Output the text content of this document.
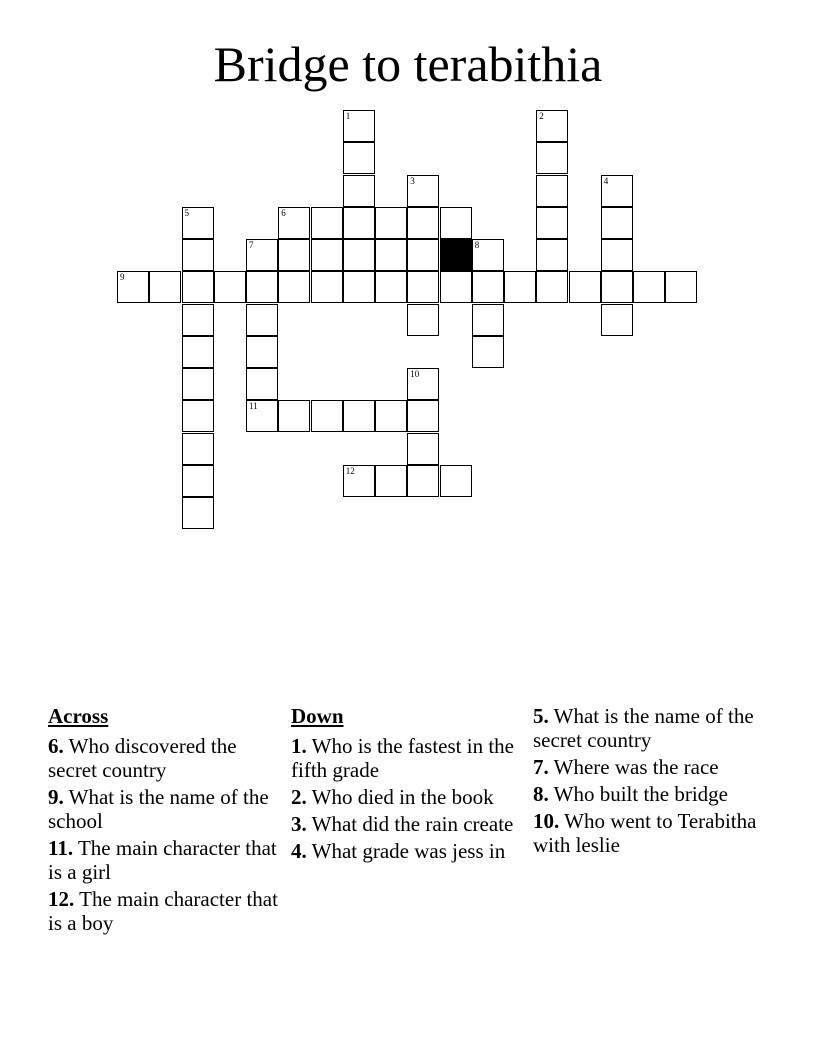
Bridge to terabithia
1	2
3	4
5	6
7	8
9
10
11
12
Across
6. Who discovered the secret country
9. What is the name of the school
11. The main character that is a girl
12. The main character that is a boy
Down
1. Who is the fastest in the fifth grade
2. Who died in the book
3. What did the rain create
4. What grade was jess in
5. What is the name of the secret country
7. Where was the race
8. Who built the bridge
10. Who went to Terabitha with leslie
